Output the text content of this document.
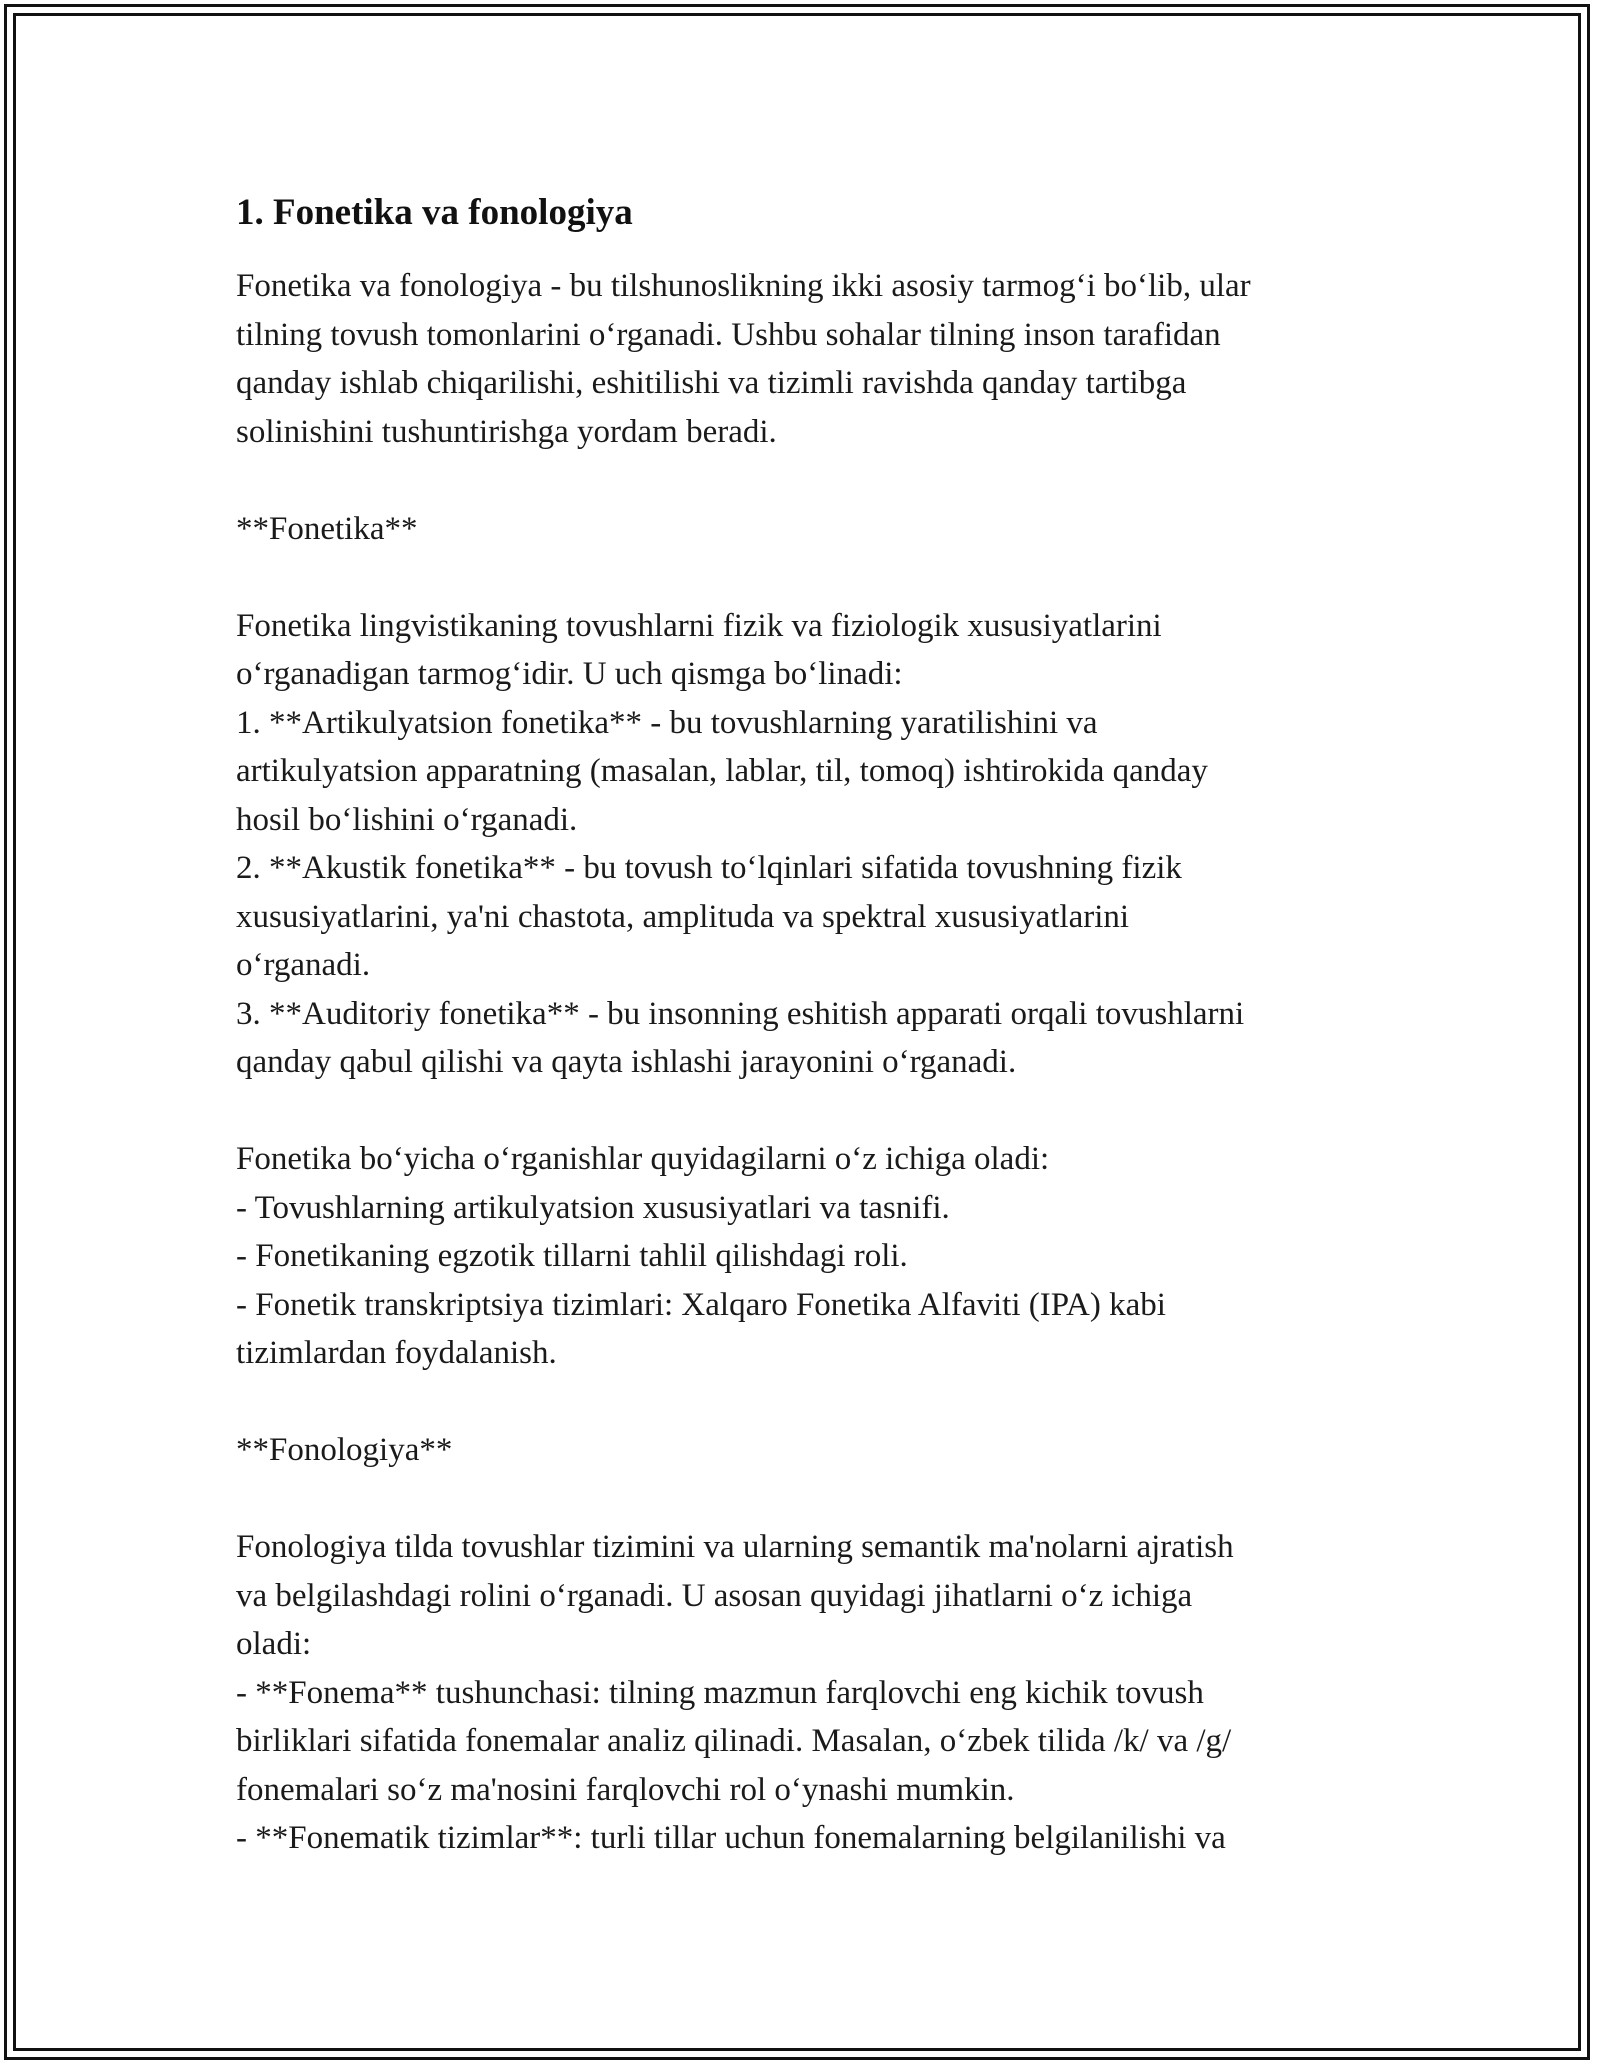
1. Fonetika va fonologiya

Fonetika va fonologiya - bu tilshunoslikning ikki asosiy tarmog‘i bo‘lib, ular
tilning tovush tomonlarini o‘rganadi. Ushbu sohalar tilning inson tarafidan
qanday ishlab chiqarilishi, eshitilishi va tizimli ravishda qanday tartibga
solinishini tushuntirishga yordam beradi.

**Fonetika**

Fonetika lingvistikaning tovushlarni fizik va fiziologik xususiyatlarini
o‘rganadigan tarmog‘idir. U uch qismga bo‘linadi:
1. **Artikulyatsion fonetika** - bu tovushlarning yaratilishini va
artikulyatsion apparatning (masalan, lablar, til, tomoq) ishtirokida qanday
hosil bo‘lishini o‘rganadi.
2. **Akustik fonetika** - bu tovush to‘lqinlari sifatida tovushning fizik
xususiyatlarini, ya'ni chastota, amplituda va spektral xususiyatlarini
o‘rganadi.
3. **Auditoriy fonetika** - bu insonning eshitish apparati orqali tovushlarni
qanday qabul qilishi va qayta ishlashi jarayonini o‘rganadi.

Fonetika bo‘yicha o‘rganishlar quyidagilarni o‘z ichiga oladi:
- Tovushlarning artikulyatsion xususiyatlari va tasnifi.
- Fonetikaning egzotik tillarni tahlil qilishdagi roli.
- Fonetik transkriptsiya tizimlari: Xalqaro Fonetika Alfaviti (IPA) kabi
tizimlardan foydalanish.

**Fonologiya**

Fonologiya tilda tovushlar tizimini va ularning semantik ma'nolarni ajratish
va belgilashdagi rolini o‘rganadi. U asosan quyidagi jihatlarni o‘z ichiga
oladi:
- **Fonema** tushunchasi: tilning mazmun farqlovchi eng kichik tovush
birliklari sifatida fonemalar analiz qilinadi. Masalan, o‘zbek tilida /k/ va /g/
fonemalari so‘z ma'nosini farqlovchi rol o‘ynashi mumkin.
- **Fonematik tizimlar**: turli tillar uchun fonemalarning belgilanilishi va
